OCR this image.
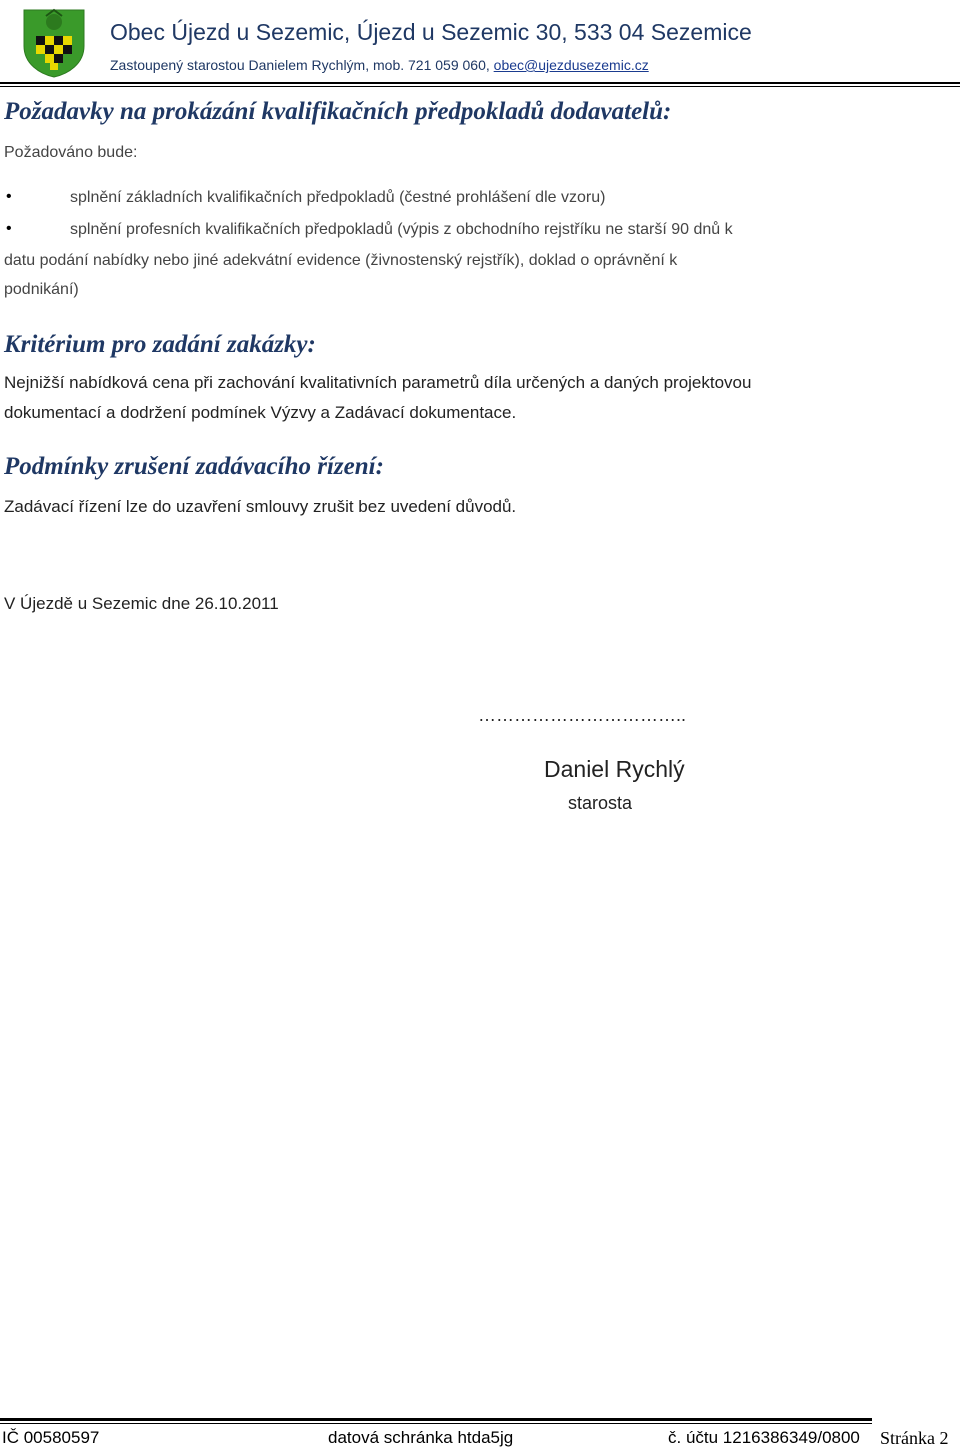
Obec Újezd u Sezemic, Újezd u Sezemic 30, 533 04 Sezemice
Zastoupený starostou Danielem Rychlým, mob. 721 059 060, obec@ujezdusezemic.cz
Požadavky na prokázání kvalifikačních předpokladů dodavatelů:
Požadováno bude:
•	splnění základních kvalifikačních předpokladů (čestné prohlášení dle vzoru)
•	splnění profesních kvalifikačních předpokladů (výpis z obchodního rejstříku ne starší 90 dnů k
datu podání nabídky nebo jiné adekvátní evidence (živnostenský rejstřík), doklad o oprávnění k
podnikání)
Kritérium pro zadání zakázky:
Nejnižší nabídková cena při zachování kvalitativních parametrů díla určených a daných projektovou
dokumentací a dodržení podmínek Výzvy a Zadávací dokumentace.
Podmínky zrušení zadávacího řízení:
Zadávací řízení lze do uzavření smlouvy zrušit bez uvedení důvodů.
V Újezdě u Sezemic dne 26.10.2011
……………………………..
Daniel Rychlý
starosta
IČ 00580597	datová schránka htda5jg	č. účtu 1216386349/0800 Stránka 2
